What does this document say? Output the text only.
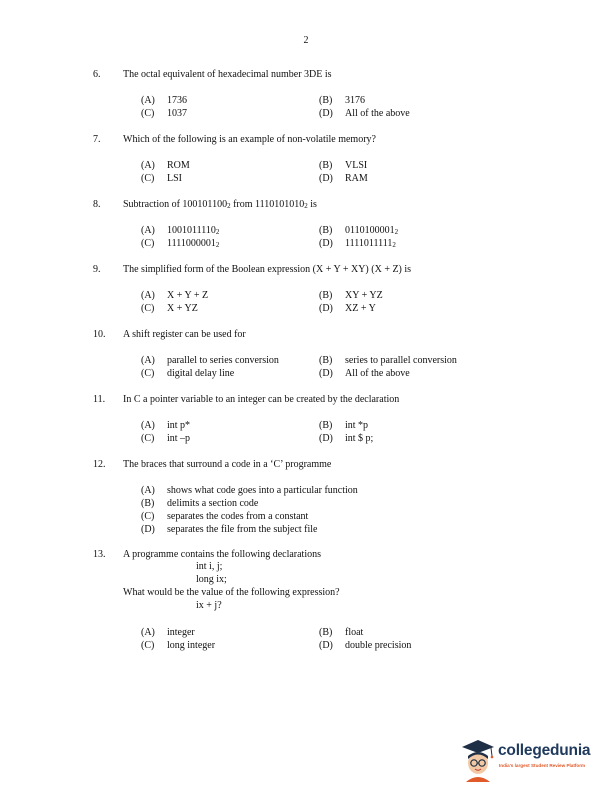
2
6. The octal equivalent of hexadecimal number 3DE is
(A) 1736	(B) 3176
(C) 1037	(D) All of the above
7. Which of the following is an example of non-volatile memory?
(A) ROM	(B) VLSI
(C) LSI	(D) RAM
8. Subtraction of $100101100_2$ from $1110101010_2$ is
(A) $1001011110_2$	(B) $0110100001_2$
(C) $1111000001_2$	(D) $1111011111_2$
9. The simplified form of the Boolean expression (X + Y + XY) (X + Z) is
(A) X + Y + Z	(B) XY + YZ
(C) X + YZ	(D) XZ + Y
10. A shift register can be used for
(A) parallel to series conversion	(B) series to parallel conversion
(C) digital delay line	(D) All of the above
11. In C a pointer variable to an integer can be created by the declaration
(A) int p*	(B) int *p
(C) int –p	(D) int $ p;
12. The braces that surround a code in a ‘C’ programme
(A) shows what code goes into a particular function
(B) delimits a section code
(C) separates the codes from a constant
(D) separates the file from the subject file
13. A programme contains the following declarations
int i, j;
long ix;
What would be the value of the following expression?
ix + j?
(A) integer	(B) float
(C) long integer	(D) double precision
collegedunia
India's largest Student Review Platform
